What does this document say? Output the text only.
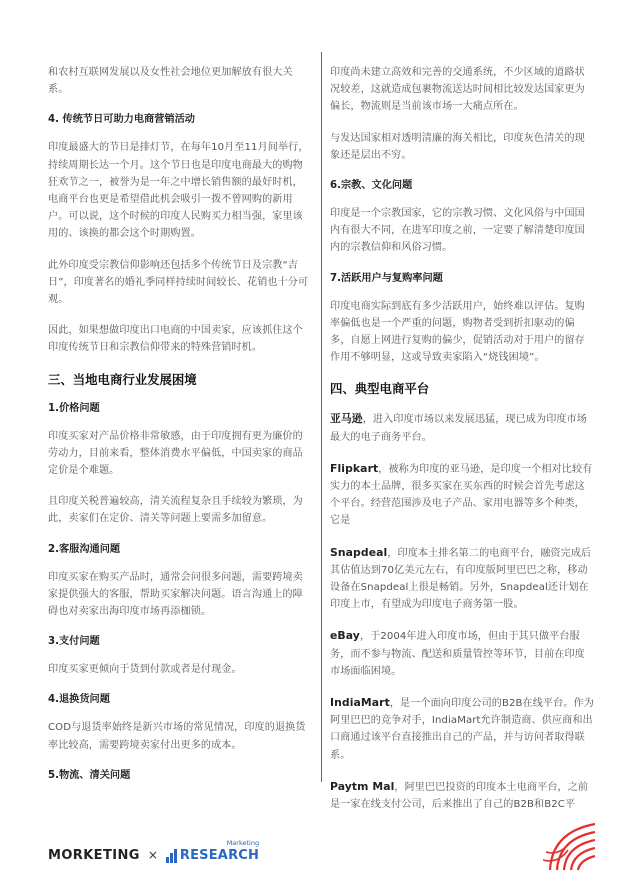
和农村互联网发展以及女性社会地位更加解放有很大关系。

4. 传统节日可助力电商营销活动

印度最盛大的节日是排灯节，在每年10月至11月间举行，持续周期长达一个月。这个节日也是印度电商最大的购物狂欢节之一，被誉为是一年之中增长销售额的最好时机，电商平台也更是希望借此机会吸引一拨不曾网购的新用户。可以说，这个时候的印度人民购买力相当强，家里该用的、该换的都会这个时期购置。

此外印度受宗教信仰影响还包括多个传统节日及宗教“吉日”，印度著名的婚礼季同样持续时间较长、花销也十分可观。

因此，如果想做印度出口电商的中国卖家，应该抓住这个印度传统节日和宗教信仰带来的特殊营销时机。

三、当地电商行业发展困境
1.价格问题

印度买家对产品价格非常敏感，由于印度拥有更为廉价的劳动力，目前来看，整体消费水平偏低，中国卖家的商品定价是个难题。

且印度关税普遍较高，清关流程复杂且手续较为繁琐，为此，卖家们在定价、清关等问题上要需多加留意。

2.客服沟通问题

印度买家在购买产品时，通常会问很多问题，需要跨境卖家提供强大的客服，帮助买家解决问题。语言沟通上的障碍也对卖家出海印度市场再添枷锁。

3.支付问题

印度买家更倾向于货到付款或者是付现金。

4.退换货问题

COD与退货率始终是新兴市场的常见情况，印度的退换货率比较高，需要跨境卖家付出更多的成本。

5.物流、清关问题

印度尚未建立高效和完善的交通系统，不少区域的道路状况较差，这就造成包裹物流送达时间相比较发达国家更为偏长，物流则是当前该市场一大痛点所在。

与发达国家相对透明清廉的海关相比，印度灰色清关的现象还是层出不穷。

6.宗教、文化问题

印度是一个宗教国家，它的宗教习惯、文化风俗与中国国内有很大不同，在进军印度之前，一定要了解清楚印度国内的宗教信仰和风俗习惯。

7.活跃用户与复购率问题

印度电商实际到底有多少活跃用户，始终难以评估。复购率偏低也是一个严重的问题，购物者受到折扣驱动的偏多，自愿上网进行复购的偏少，促销活动对于用户的留存作用不够明显，这或导致卖家陷入“烧钱困境”。

四、典型电商平台

亚马逊，进入印度市场以来发展迅猛，现已成为印度市场最大的电子商务平台。

Flipkart，被称为印度的亚马逊，是印度一个相对比较有实力的本土品牌，很多买家在买东西的时候会首先考虑这个平台。经营范围涉及电子产品、家用电器等多个种类，它是

Snapdeal，印度本土排名第二的电商平台，融资完成后其估值达到70亿美元左右，有印度版阿里巴巴之称，移动设备在Snapdeal上很是畅销。另外，Snapdeal还计划在印度上市，有望成为印度电子商务第一股。

eBay，于2004年进入印度市场，但由于其只做平台服务，而不参与物流、配送和质量管控等环节，目前在印度市场面临困境。

IndiaMart，是一个面向印度公司的B2B在线平台。作为阿里巴巴的竞争对手，IndiaMart允许制造商、供应商和出口商通过该平台直接推出自己的产品，并与访问者取得联系。

Paytm Mal，阿里巴巴投资的印度本土电商平台，之前是一家在线支付公司，后来推出了自己的B2B和B2C平

MORKETING × RESEARCH
Marketing
